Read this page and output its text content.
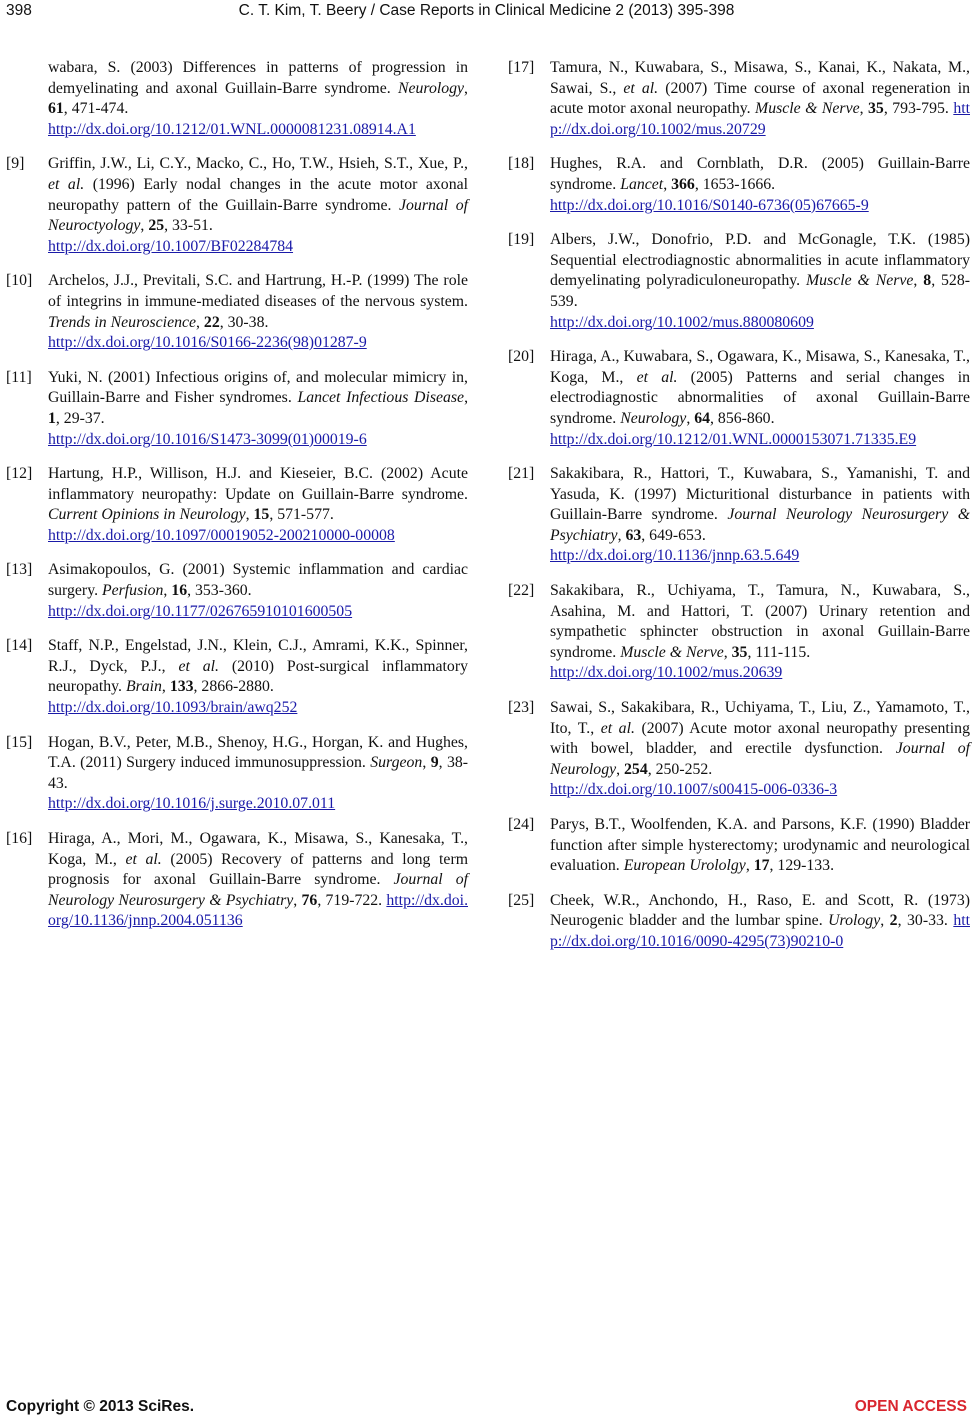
398	C. T. Kim, T. Beery / Case Reports in Clinical Medicine 2 (2013) 395-398
wabara, S. (2003) Differences in patterns of progression in demyelinating and axonal Guillain-Barre syndrome. Neurology, 61, 471-474.
http://dx.doi.org/10.1212/01.WNL.0000081231.08914.A1
[9] Griffin, J.W., Li, C.Y., Macko, C., Ho, T.W., Hsieh, S.T., Xue, P., et al. (1996) Early nodal changes in the acute motor axonal neuropathy pattern of the Guillain-Barre syndrome. Journal of Neuroctyology, 25, 33-51.
http://dx.doi.org/10.1007/BF02284784
[10] Archelos, J.J., Previtali, S.C. and Hartrung, H.-P. (1999) The role of integrins in immune-mediated diseases of the nervous system. Trends in Neuroscience, 22, 30-38.
http://dx.doi.org/10.1016/S0166-2236(98)01287-9
[11] Yuki, N. (2001) Infectious origins of, and molecular mimicry in, Guillain-Barre and Fisher syndromes. Lancet Infectious Disease, 1, 29-37.
http://dx.doi.org/10.1016/S1473-3099(01)00019-6
[12] Hartung, H.P., Willison, H.J. and Kieseier, B.C. (2002) Acute inflammatory neuropathy: Update on Guillain-Barre syndrome. Current Opinions in Neurology, 15, 571-577.
http://dx.doi.org/10.1097/00019052-200210000-00008
[13] Asimakopoulos, G. (2001) Systemic inflammation and cardiac surgery. Perfusion, 16, 353-360.
http://dx.doi.org/10.1177/026765910101600505
[14] Staff, N.P., Engelstad, J.N., Klein, C.J., Amrami, K.K., Spinner, R.J., Dyck, P.J., et al. (2010) Post-surgical inflammatory neuropathy. Brain, 133, 2866-2880.
http://dx.doi.org/10.1093/brain/awq252
[15] Hogan, B.V., Peter, M.B., Shenoy, H.G., Horgan, K. and Hughes, T.A. (2011) Surgery induced immunosuppression. Surgeon, 9, 38-43.
http://dx.doi.org/10.1016/j.surge.2010.07.011
[16] Hiraga, A., Mori, M., Ogawara, K., Misawa, S., Kanesaka, T., Koga, M., et al. (2005) Recovery of patterns and long term prognosis for axonal Guillain-Barre syndrome. Journal of Neurology Neurosurgery & Psychiatry, 76, 719-722. http://dx.doi.org/10.1136/jnnp.2004.051136
[17] Tamura, N., Kuwabara, S., Misawa, S., Kanai, K., Nakata, M., Sawai, S., et al. (2007) Time course of axonal regeneration in acute motor axonal neuropathy. Muscle & Nerve, 35, 793-795. http://dx.doi.org/10.1002/mus.20729
[18] Hughes, R.A. and Cornblath, D.R. (2005) Guillain-Barre syndrome. Lancet, 366, 1653-1666.
http://dx.doi.org/10.1016/S0140-6736(05)67665-9
[19] Albers, J.W., Donofrio, P.D. and McGonagle, T.K. (1985) Sequential electrodiagnostic abnormalities in acute inflammatory demyelinating polyradiculoneuropathy. Muscle & Nerve, 8, 528-539.
http://dx.doi.org/10.1002/mus.880080609
[20] Hiraga, A., Kuwabara, S., Ogawara, K., Misawa, S., Kanesaka, T., Koga, M., et al. (2005) Patterns and serial changes in electrodiagnostic abnormalities of axonal Guillain-Barre syndrome. Neurology, 64, 856-860.
http://dx.doi.org/10.1212/01.WNL.0000153071.71335.E9
[21] Sakakibara, R., Hattori, T., Kuwabara, S., Yamanishi, T. and Yasuda, K. (1997) Micturitional disturbance in patients with Guillain-Barre syndrome. Journal Neurology Neurosurgery & Psychiatry, 63, 649-653.
http://dx.doi.org/10.1136/jnnp.63.5.649
[22] Sakakibara, R., Uchiyama, T., Tamura, N., Kuwabara, S., Asahina, M. and Hattori, T. (2007) Urinary retention and sympathetic sphincter obstruction in axonal Guillain-Barre syndrome. Muscle & Nerve, 35, 111-115.
http://dx.doi.org/10.1002/mus.20639
[23] Sawai, S., Sakakibara, R., Uchiyama, T., Liu, Z., Yamamoto, T., Ito, T., et al. (2007) Acute motor axonal neuropathy presenting with bowel, bladder, and erectile dysfunction. Journal of Neurology, 254, 250-252.
http://dx.doi.org/10.1007/s00415-006-0336-3
[24] Parys, B.T., Woolfenden, K.A. and Parsons, K.F. (1990) Bladder function after simple hysterectomy; urodynamic and neurological evaluation. European Urololgy, 17, 129-133.
[25] Cheek, W.R., Anchondo, H., Raso, E. and Scott, R. (1973) Neurogenic bladder and the lumbar spine. Urology, 2, 30-33. http://dx.doi.org/10.1016/0090-4295(73)90210-0
Copyright © 2013 SciRes.	OPEN ACCESS
